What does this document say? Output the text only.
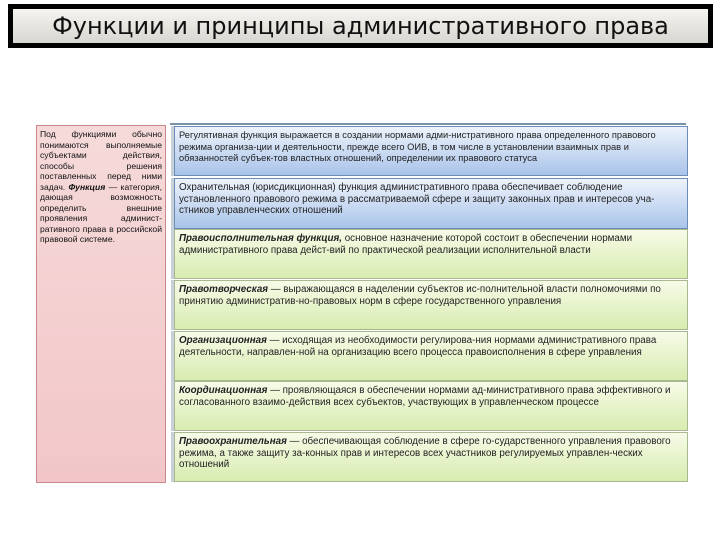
Функции и принципы административного права
Под функциями обычно понимаются выполняемые субъектами действия, способы решения поставленных перед ними задач. Функция — категория, дающая возможность определить внешние проявления админист-ративного права в российской правовой системе.
Регулятивная функция выражается в создании нормами адми-нистративного права определенного правового режима организа-ции и деятельности, прежде всего ОИВ, в том числе в установлении взаимных прав и обязанностей субъек-тов властных отношений, определении их правового статуса
Охранительная (юрисдикционная) функция административного права обеспечивает соблюдение установленного правового режима в рассматриваемой сфере и защиту законных прав и интересов уча-стников управленческих отношений
Правоисполнительная функция, основное назначение которой состоит в обеспечении нормами административного права дейст-вий по практической реализации исполнительной власти
Правотворческая — выражающаяся в наделении субъектов ис-полнительной власти полномочиями по принятию административ-но-правовых норм в сфере государственного управления
Организационная — исходящая из необходимости регулирова-ния нормами административного права деятельности, направлен-ной на организацию всего процесса правоисполнения в сфере управления
Координационная — проявляющаяся в обеспечении нормами ад-министративного права эффективного и согласованного взаимо-действия всех субъектов, участвующих в управленческом процессе
Правоохранительная — обеспечивающая соблюдение в сфере го-сударственного управления правового режима, а также защиту за-конных прав и интересов всех участников регулируемых управлен-ческих отношений
